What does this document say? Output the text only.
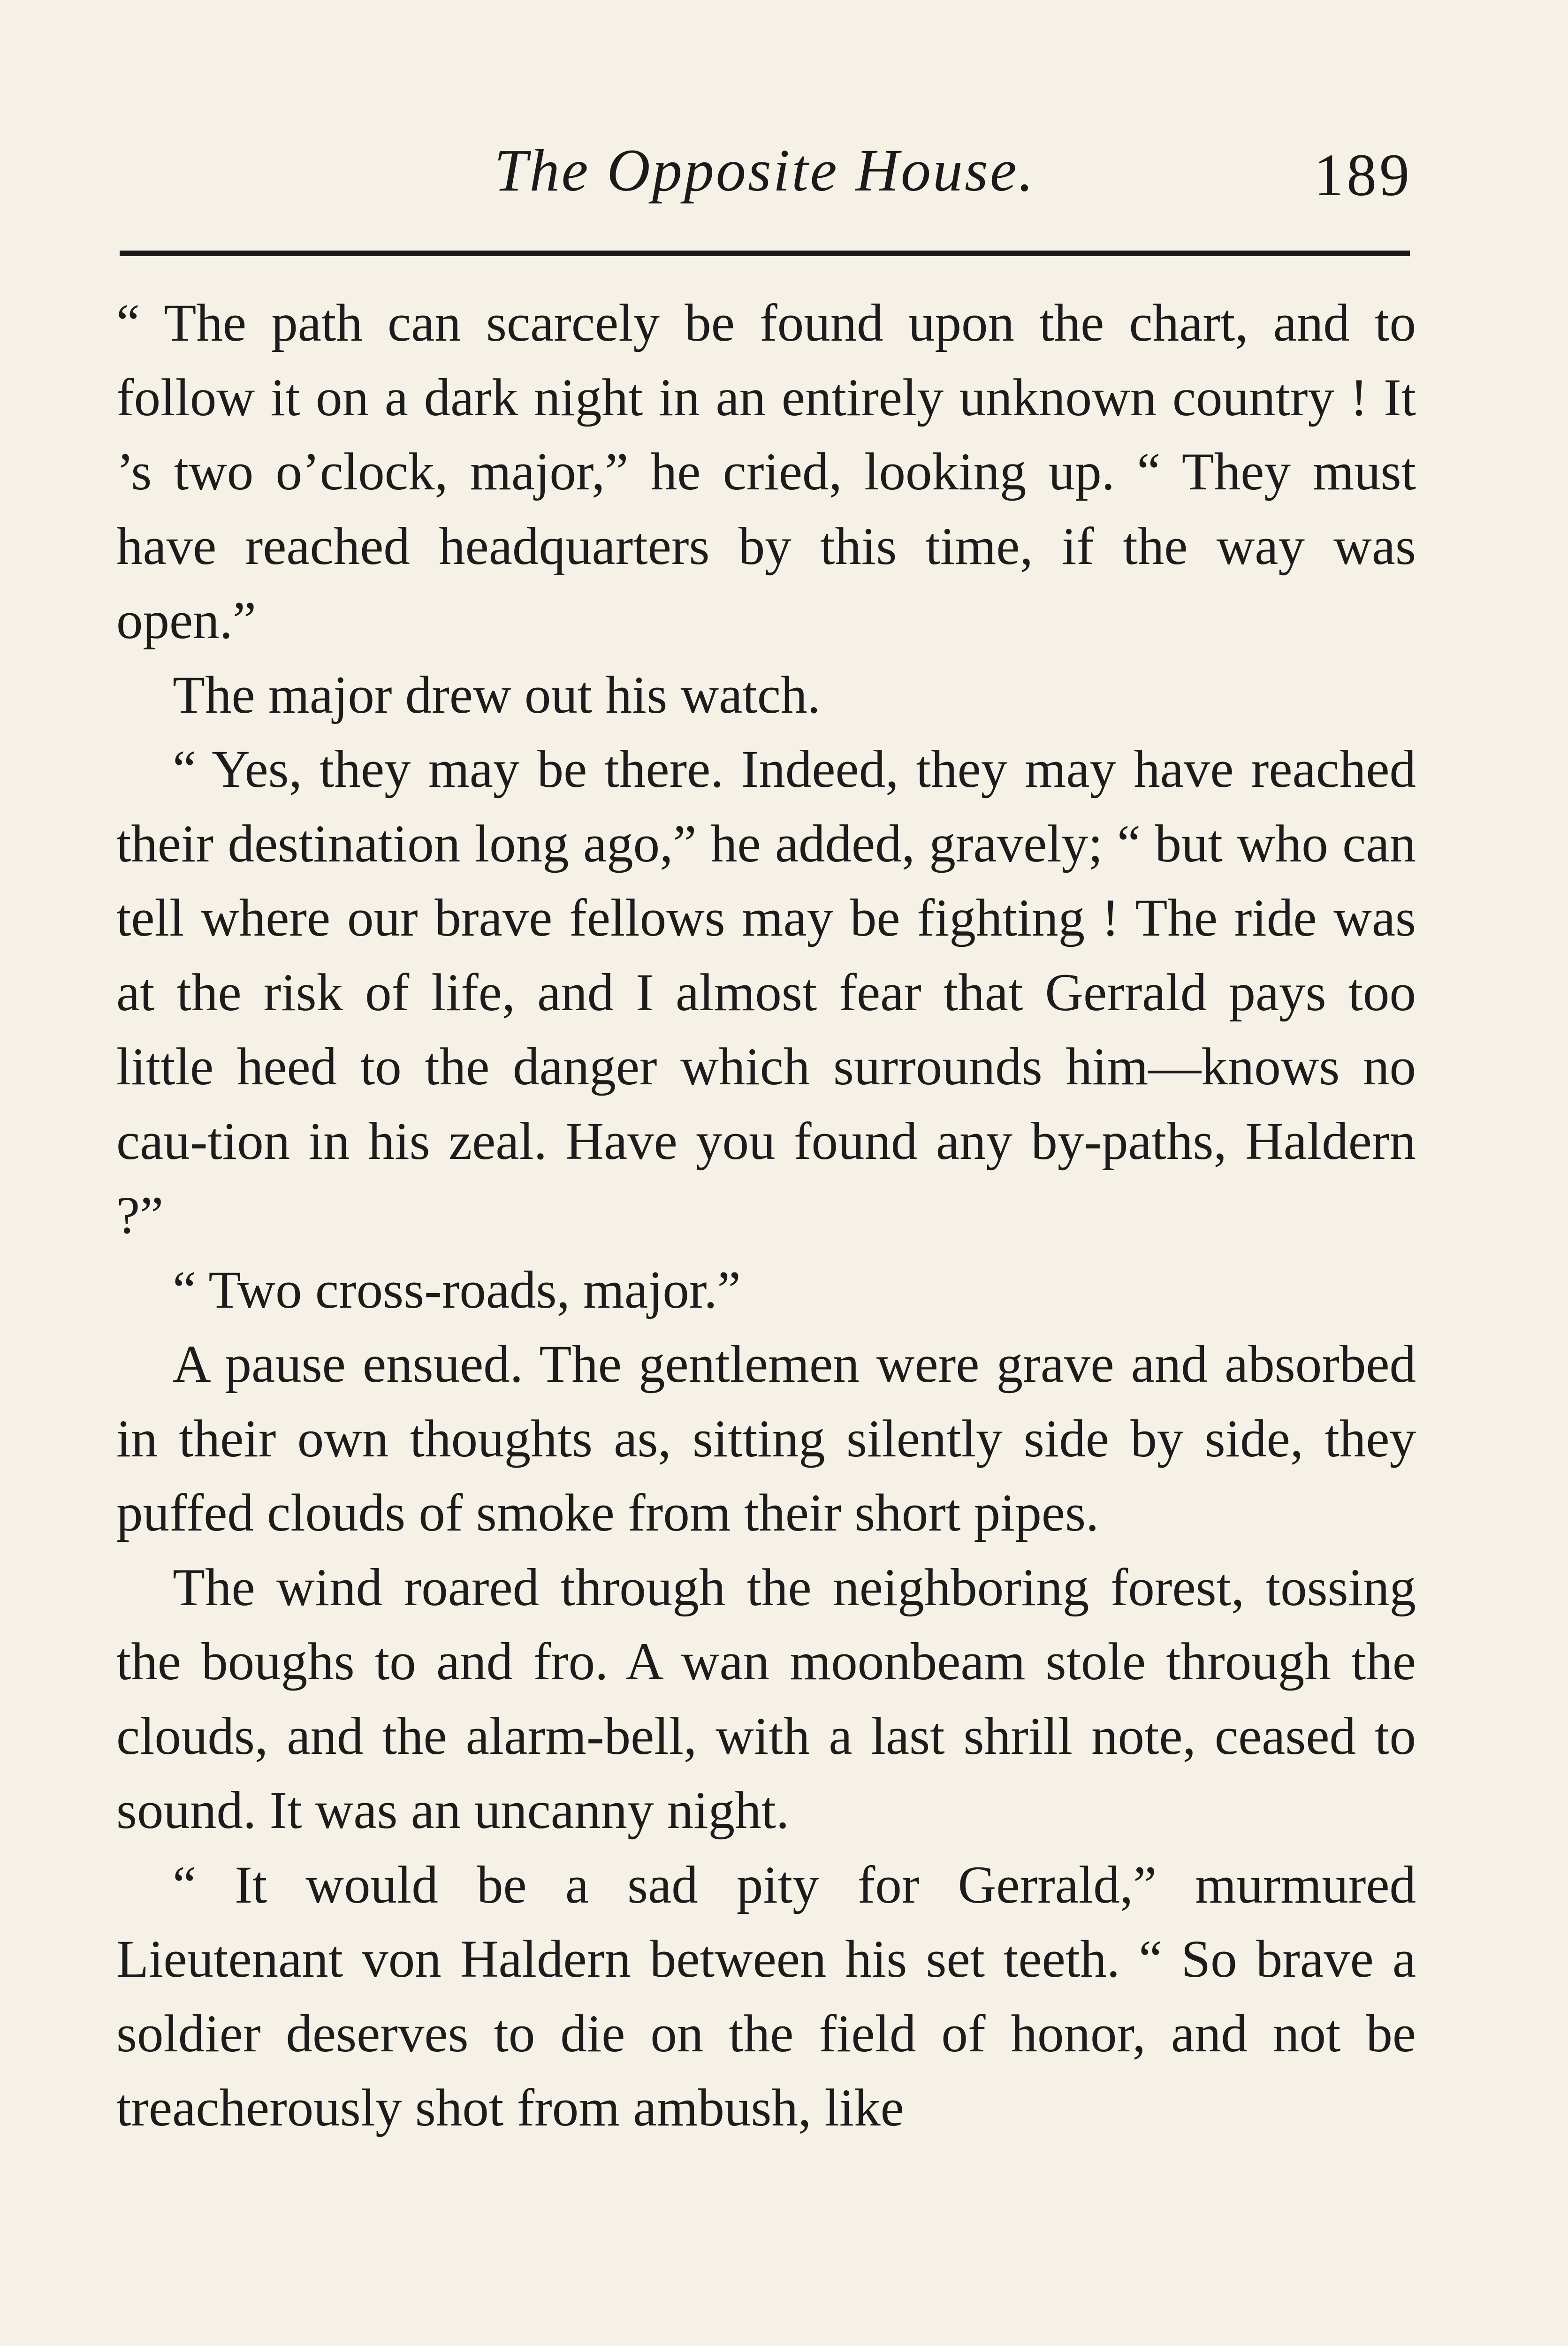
The Opposite House.	189

“ The path can scarcely be found upon the chart, and to follow it on a dark night in an entirely unknown country ! It ’s two o’clock, major,” he cried, looking up. “ They must have reached headquarters by this time, if the way was open.”

The major drew out his watch.

“ Yes, they may be there. Indeed, they may have reached their destination long ago,” he added, gravely; “ but who can tell where our brave fellows may be fighting ! The ride was at the risk of life, and I almost fear that Gerrald pays too little heed to the danger which surrounds him—knows no cau-tion in his zeal. Have you found any by-paths, Haldern ?”

“ Two cross-roads, major.”

A pause ensued. The gentlemen were grave and absorbed in their own thoughts as, sitting silently side by side, they puffed clouds of smoke from their short pipes.

The wind roared through the neighboring forest, tossing the boughs to and fro. A wan moonbeam stole through the clouds, and the alarm-bell, with a last shrill note, ceased to sound. It was an uncanny night.

“ It would be a sad pity for Gerrald,” murmured Lieutenant von Haldern between his set teeth. “ So brave a soldier deserves to die on the field of honor, and not be treacherously shot from ambush, like
